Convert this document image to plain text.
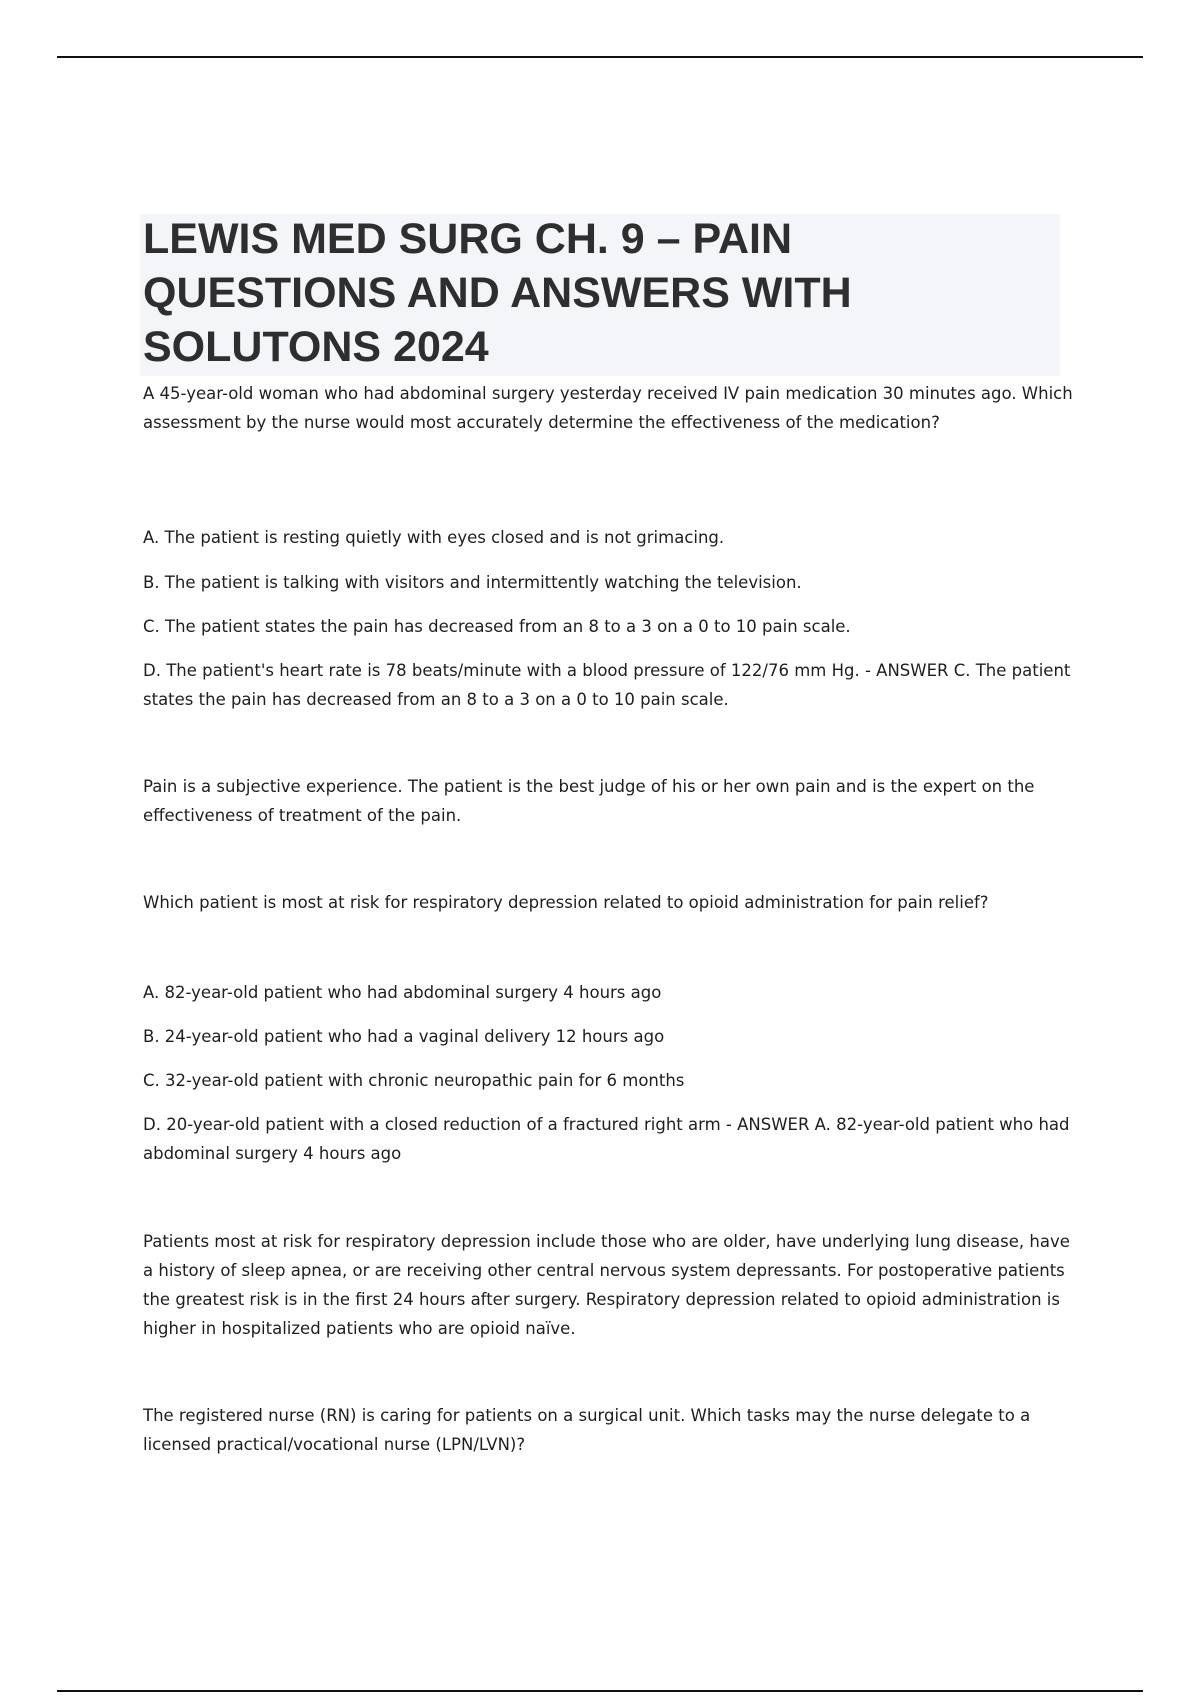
LEWIS MED SURG CH. 9 – PAIN QUESTIONS AND ANSWERS WITH SOLUTONS 2024

A 45-year-old woman who had abdominal surgery yesterday received IV pain medication 30 minutes ago. Which assessment by the nurse would most accurately determine the effectiveness of the medication?

A. The patient is resting quietly with eyes closed and is not grimacing.

B. The patient is talking with visitors and intermittently watching the television.

C. The patient states the pain has decreased from an 8 to a 3 on a 0 to 10 pain scale.

D. The patient's heart rate is 78 beats/minute with a blood pressure of 122/76 mm Hg. - ANSWER C. The patient states the pain has decreased from an 8 to a 3 on a 0 to 10 pain scale.

Pain is a subjective experience. The patient is the best judge of his or her own pain and is the expert on the effectiveness of treatment of the pain.

Which patient is most at risk for respiratory depression related to opioid administration for pain relief?

A. 82-year-old patient who had abdominal surgery 4 hours ago

B. 24-year-old patient who had a vaginal delivery 12 hours ago

C. 32-year-old patient with chronic neuropathic pain for 6 months

D. 20-year-old patient with a closed reduction of a fractured right arm - ANSWER A. 82-year-old patient who had abdominal surgery 4 hours ago

Patients most at risk for respiratory depression include those who are older, have underlying lung disease, have a history of sleep apnea, or are receiving other central nervous system depressants. For postoperative patients the greatest risk is in the first 24 hours after surgery. Respiratory depression related to opioid administration is higher in hospitalized patients who are opioid naïve.

The registered nurse (RN) is caring for patients on a surgical unit. Which tasks may the nurse delegate to a licensed practical/vocational nurse (LPN/LVN)?
